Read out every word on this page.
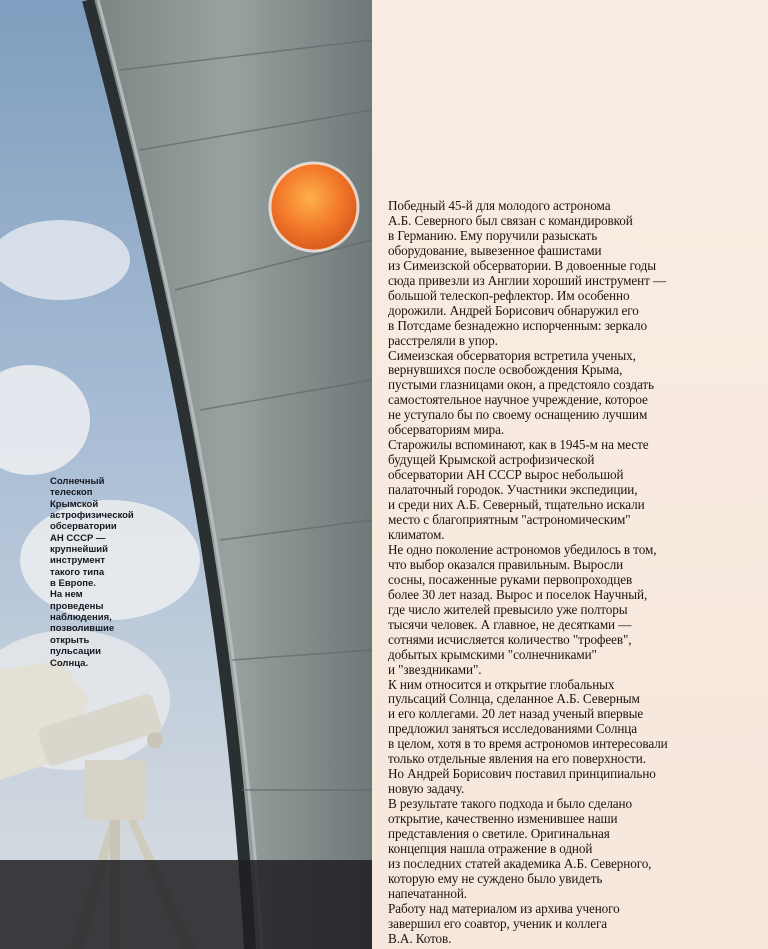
Солнечный
телескоп
Крымской
астрофизической
обсерватории
АН СССР —
крупнейший
инструмент
такого типа
в Европе.
На нем
проведены
наблюдения,
позволившие
открыть
пульсации
Солнца.

Победный 45-й для молодого астронома
А.Б. Северного был связан с командировкой
в Германию. Ему поручили разыскать
оборудование, вывезенное фашистами
из Симеизской обсерватории. В довоенные годы
сюда привезли из Англии хороший инструмент —
большой телескоп-рефлектор. Им особенно
дорожили. Андрей Борисович обнаружил его
в Потсдаме безнадежно испорченным: зеркало
расстреляли в упор.

Симеизская обсерватория встретила ученых,
вернувшихся после освобождения Крыма,
пустыми глазницами окон, а предстояло создать
самостоятельное научное учреждение, которое
не уступало бы по своему оснащению лучшим
обсерваториям мира.

Старожилы вспоминают, как в 1945-м на месте
будущей Крымской астрофизической
обсерватории АН СССР вырос небольшой
палаточный городок. Участники экспедиции,
и среди них А.Б. Северный, тщательно искали
место с благоприятным "астрономическим"
климатом.

Не одно поколение астрономов убедилось в том,
что выбор оказался правильным. Выросли
сосны, посаженные руками первопроходцев
более 30 лет назад. Вырос и поселок Научный,
где число жителей превысило уже полторы
тысячи человек. А главное, не десятками —
сотнями исчисляется количество "трофеев",
добытых крымскими "солнечниками"
и "звездниками".

К ним относится и открытие глобальных
пульсаций Солнца, сделанное А.Б. Северным
и его коллегами. 20 лет назад ученый впервые
предложил заняться исследованиями Солнца
в целом, хотя в то время астрономов интересовали
только отдельные явления на его поверхности.
Но Андрей Борисович поставил принципиально
новую задачу.

В результате такого подхода и было сделано
открытие, качественно изменившее наши
представления о светиле. Оригинальная
концепция нашла отражение в одной
из последних статей академика А.Б. Северного,
которую ему не суждено было увидеть
напечатанной.

Работу над материалом из архива ученого
завершил его соавтор, ученик и коллега
В.А. Котов.
